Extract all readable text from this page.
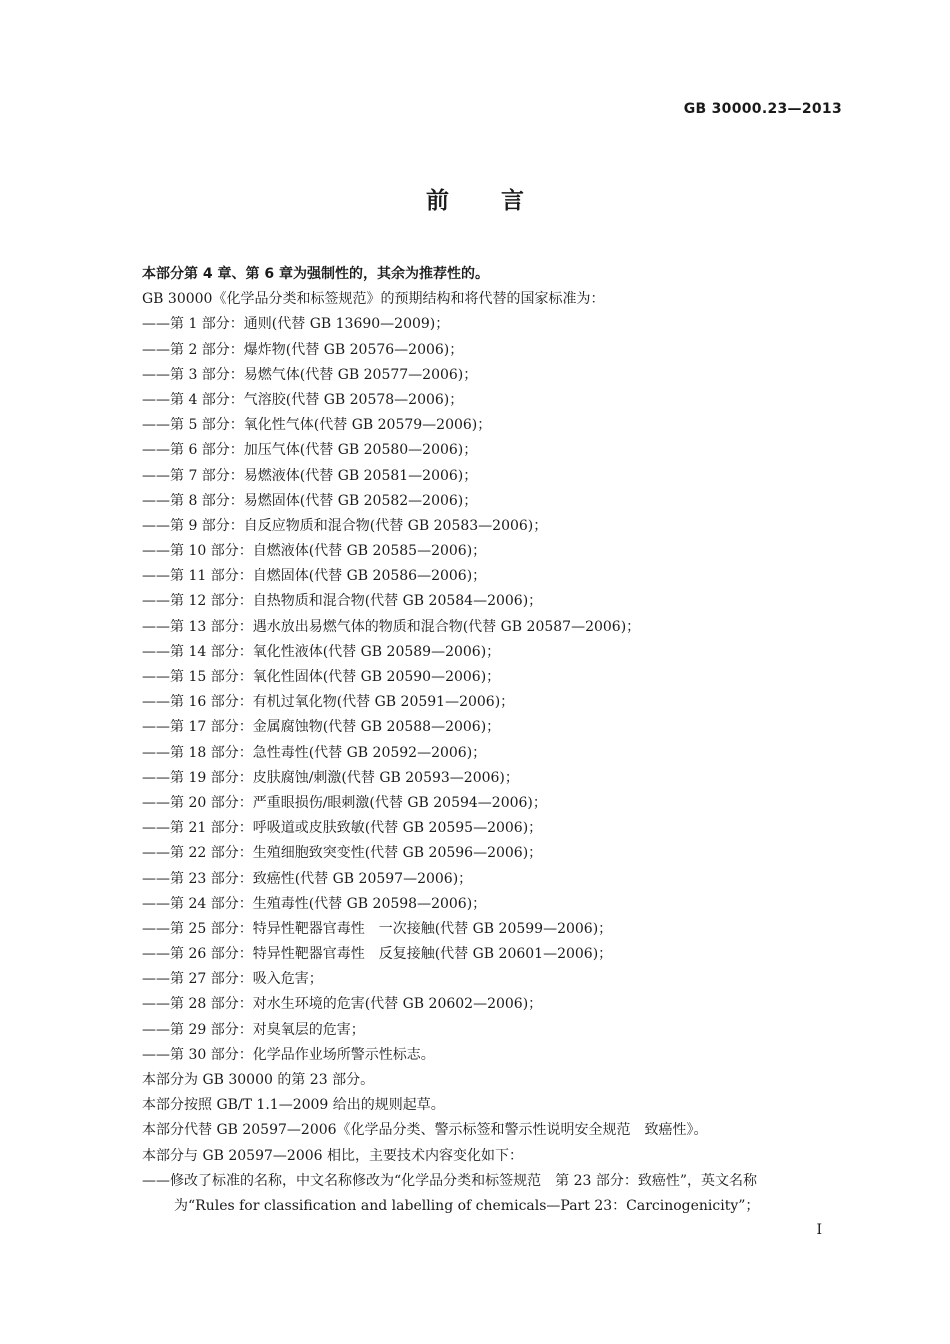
GB 30000.23—2013
前言
本部分第 4 章、第 6 章为强制性的，其余为推荐性的。
GB 30000《化学品分类和标签规范》的预期结构和将代替的国家标准为：
——第 1 部分：通则(代替 GB 13690—2009)；
——第 2 部分：爆炸物(代替 GB 20576—2006)；
——第 3 部分：易燃气体(代替 GB 20577—2006)；
——第 4 部分：气溶胶(代替 GB 20578—2006)；
——第 5 部分：氧化性气体(代替 GB 20579—2006)；
——第 6 部分：加压气体(代替 GB 20580—2006)；
——第 7 部分：易燃液体(代替 GB 20581—2006)；
——第 8 部分：易燃固体(代替 GB 20582—2006)；
——第 9 部分：自反应物质和混合物(代替 GB 20583—2006)；
——第 10 部分：自燃液体(代替 GB 20585—2006)；
——第 11 部分：自燃固体(代替 GB 20586—2006)；
——第 12 部分：自热物质和混合物(代替 GB 20584—2006)；
——第 13 部分：遇水放出易燃气体的物质和混合物(代替 GB 20587—2006)；
——第 14 部分：氧化性液体(代替 GB 20589—2006)；
——第 15 部分：氧化性固体(代替 GB 20590—2006)；
——第 16 部分：有机过氧化物(代替 GB 20591—2006)；
——第 17 部分：金属腐蚀物(代替 GB 20588—2006)；
——第 18 部分：急性毒性(代替 GB 20592—2006)；
——第 19 部分：皮肤腐蚀/刺激(代替 GB 20593—2006)；
——第 20 部分：严重眼损伤/眼刺激(代替 GB 20594—2006)；
——第 21 部分：呼吸道或皮肤致敏(代替 GB 20595—2006)；
——第 22 部分：生殖细胞致突变性(代替 GB 20596—2006)；
——第 23 部分：致癌性(代替 GB 20597—2006)；
——第 24 部分：生殖毒性(代替 GB 20598—2006)；
——第 25 部分：特异性靶器官毒性　一次接触(代替 GB 20599—2006)；
——第 26 部分：特异性靶器官毒性　反复接触(代替 GB 20601—2006)；
——第 27 部分：吸入危害；
——第 28 部分：对水生环境的危害(代替 GB 20602—2006)；
——第 29 部分：对臭氧层的危害；
——第 30 部分：化学品作业场所警示性标志。
本部分为 GB 30000 的第 23 部分。
本部分按照 GB/T 1.1—2009 给出的规则起草。
本部分代替 GB 20597—2006《化学品分类、警示标签和警示性说明安全规范　致癌性》。
本部分与 GB 20597—2006 相比，主要技术内容变化如下：
——修改了标准的名称，中文名称修改为“化学品分类和标签规范　第 23 部分：致癌性”，英文名称
为“Rules for classification and labelling of chemicals—Part 23：Carcinogenicity”；
I
